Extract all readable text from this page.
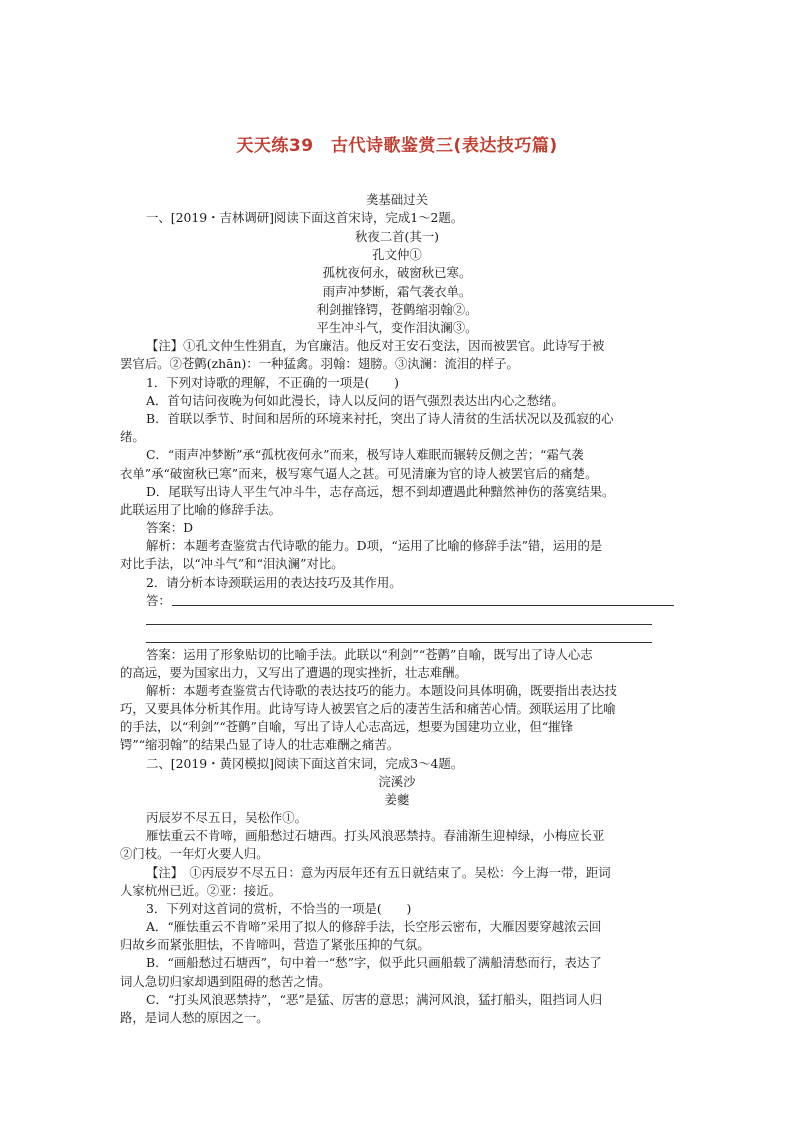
天天练39　古代诗歌鉴赏三(表达技巧篇)
䶮基础过关
一、[2019・吉林调研]阅读下面这首宋诗，完成1～2题。
秋夜二首(其一)
孔文仲①
孤枕夜何永，破窗秋已寒。
雨声冲梦断，霜气袭衣单。
利剑摧锋锷，苍鹯缩羽翰②。
平生冲斗气，变作泪汍澜③。
【注】①孔文仲生性狷直，为官廉洁。他反对王安石变法，因而被罢官。此诗写于被
罢官后。②苍鹯(zhān)：一种猛禽。羽翰：翅膀。③汍澜：流泪的样子。
1．下列对诗歌的理解，不正确的一项是(　　)
A．首句诘问夜晚为何如此漫长，诗人以反问的语气强烈表达出内心之愁绪。
B．首联以季节、时间和居所的环境来衬托，突出了诗人清贫的生活状况以及孤寂的心
绪。
C．“雨声冲梦断”承“孤枕夜何永”而来，极写诗人难眠而辗转反侧之苦；“霜气袭
衣单”承“破窗秋已寒”而来，极写寒气逼人之甚。可见清廉为官的诗人被罢官后的痛楚。
D．尾联写出诗人平生气冲斗牛，志存高远，想不到却遭遇此种黯然神伤的落寞结果。
此联运用了比喻的修辞手法。
答案：D
解析：本题考查鉴赏古代诗歌的能力。D项，“运用了比喻的修辞手法”错，运用的是
对比手法，以“冲斗气”和“泪汍澜”对比。
2．请分析本诗颈联运用的表达技巧及其作用。
答：
答案：运用了形象贴切的比喻手法。此联以“利剑”“苍鹯”自喻，既写出了诗人心志
的高远，要为国家出力，又写出了遭遇的现实挫折，壮志难酬。
解析：本题考查鉴赏古代诗歌的表达技巧的能力。本题设问具体明确，既要指出表达技
巧，又要具体分析其作用。此诗写诗人被罢官之后的凄苦生活和痛苦心情。颈联运用了比喻
的手法，以“利剑”“苍鹯”自喻，写出了诗人心志高远，想要为国建功立业，但“摧锋
锷”“缩羽翰”的结果凸显了诗人的壮志难酬之痛苦。
二、[2019・黄冈模拟]阅读下面这首宋词，完成3～4题。
浣溪沙
姜夔
丙辰岁不尽五日，吴松作①。
雁怯重云不肯啼，画船愁过石塘西。打头风浪恶禁持。春浦渐生迎棹绿，小梅应长亚
②门枝。一年灯火要人归。
【注】　①丙辰岁不尽五日：意为丙辰年还有五日就结束了。吴松：今上海一带，距词
人家杭州已近。②亚：接近。
3．下列对这首词的赏析，不恰当的一项是(　　)
A．“雁怯重云不肯啼”采用了拟人的修辞手法，长空彤云密布，大雁因要穿越浓云回
归故乡而紧张胆怯，不肯啼叫，营造了紧张压抑的气氛。
B．“画船愁过石塘西”，句中着一“愁”字，似乎此只画船载了满船清愁而行，表达了
词人急切归家却遇到阻碍的愁苦之情。
C．“打头风浪恶禁持”，“恶”是猛、厉害的意思；满河风浪，猛打船头，阻挡词人归
路，是词人愁的原因之一。
